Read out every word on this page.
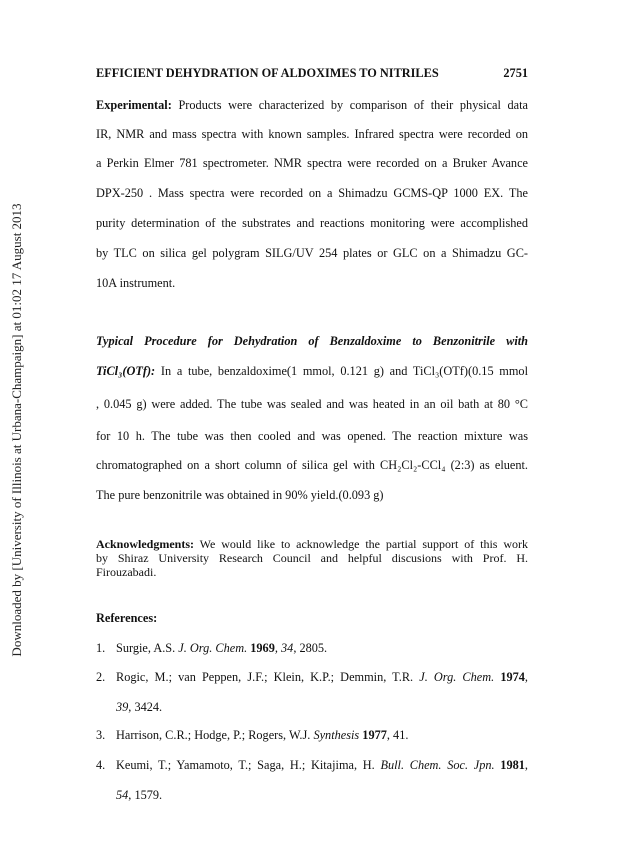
Downloaded by [University of Illinois at Urbana-Champaign] at 01:02 17 August 2013
EFFICIENT DEHYDRATION OF ALDOXIMES TO NITRILES	2751
Experimental: Products were characterized by comparison of their physical data
IR, NMR and mass spectra with known samples. Infrared spectra were recorded on
a Perkin Elmer 781 spectrometer. NMR spectra were recorded on a Bruker Avance
DPX-250 . Mass spectra were recorded on a Shimadzu GCMS-QP 1000 EX. The
purity determination of the substrates and reactions monitoring were accomplished
by TLC on silica gel polygram SILG/UV 254 plates or GLC on a Shimadzu GC-
10A instrument.
Typical Procedure for Dehydration of Benzaldoxime to Benzonitrile with
TiCl₃(OTf): In a tube, benzaldoxime(1 mmol, 0.121 g) and TiCl₃(OTf)(0.15 mmol
, 0.045 g) were added. The tube was sealed and was heated in an oil bath at 80 °C
for 10 h. The tube was then cooled and was opened. The reaction mixture was
chromatographed on a short column of silica gel with CH₂Cl₂-CCl₄ (2:3) as eluent.
The pure benzonitrile was obtained in 90% yield.(0.093 g)
Acknowledgments: We would like to acknowledge the partial support of this work
by Shiraz University Research Council and helpful discusions with Prof. H.
Firouzabadi.
References:
1. Surgie, A.S. J. Org. Chem. 1969, 34, 2805.
2. Rogic, M.; van Peppen, J.F.; Klein, K.P.; Demmin, T.R. J. Org. Chem. 1974,
39, 3424.
3. Harrison, C.R.; Hodge, P.; Rogers, W.J. Synthesis 1977, 41.
4. Keumi, T.; Yamamoto, T.; Saga, H.; Kitajima, H. Bull. Chem. Soc. Jpn. 1981,
54, 1579.
